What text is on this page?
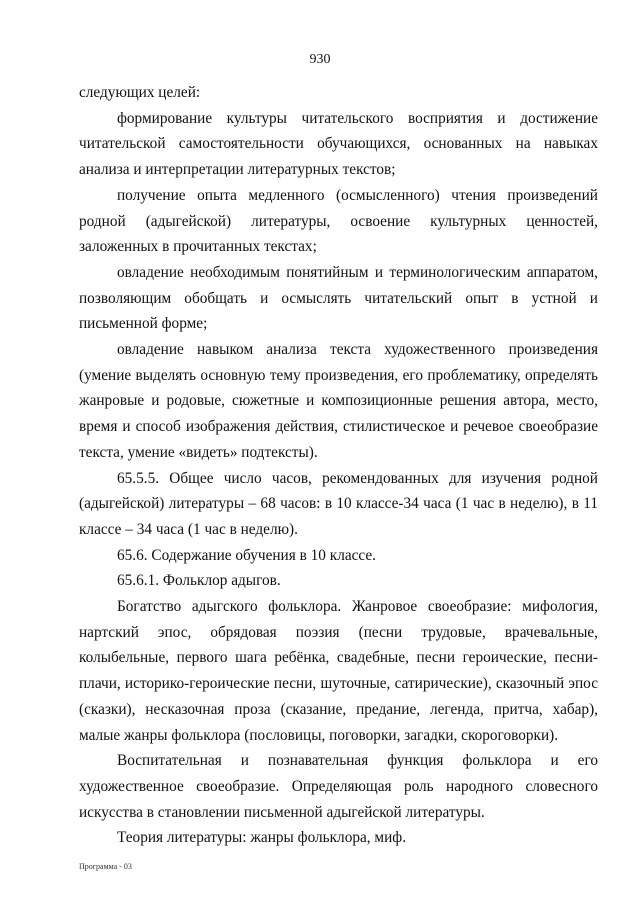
930

следующих целей:

формирование культуры читательского восприятия и достижение читательской самостоятельности обучающихся, основанных на навыках анализа и интерпретации литературных текстов;

получение опыта медленного (осмысленного) чтения произведений родной (адыгейской) литературы, освоение культурных ценностей, заложенных в прочитанных текстах;

овладение необходимым понятийным и терминологическим аппаратом, позволяющим обобщать и осмыслять читательский опыт в устной и письменной форме;

овладение навыком анализа текста художественного произведения (умение выделять основную тему произведения, его проблематику, определять жанровые и родовые, сюжетные и композиционные решения автора, место, время и способ изображения действия, стилистическое и речевое своеобразие текста, умение «видеть» подтексты).

65.5.5. Общее число часов, рекомендованных для изучения родной (адыгейской) литературы – 68 часов: в 10 классе-34 часа (1 час в неделю), в 11 классе – 34 часа (1 час в неделю).

65.6. Содержание обучения в 10 классе.

65.6.1. Фольклор адыгов.

Богатство адыгского фольклора. Жанровое своеобразие: мифология, нартский эпос, обрядовая поэзия (песни трудовые, врачевальные, колыбельные, первого шага ребёнка, свадебные, песни героические, песни-плачи, историко-героические песни, шуточные, сатирические), сказочный эпос (сказки), несказочная проза (сказание, предание, легенда, притча, хабар), малые жанры фольклора (пословицы, поговорки, загадки, скороговорки).

Воспитательная и познавательная функция фольклора и его художественное своеобразие. Определяющая роль народного словесного искусства в становлении письменной адыгейской литературы.

Теория литературы: жанры фольклора, миф.

Программа - 03
